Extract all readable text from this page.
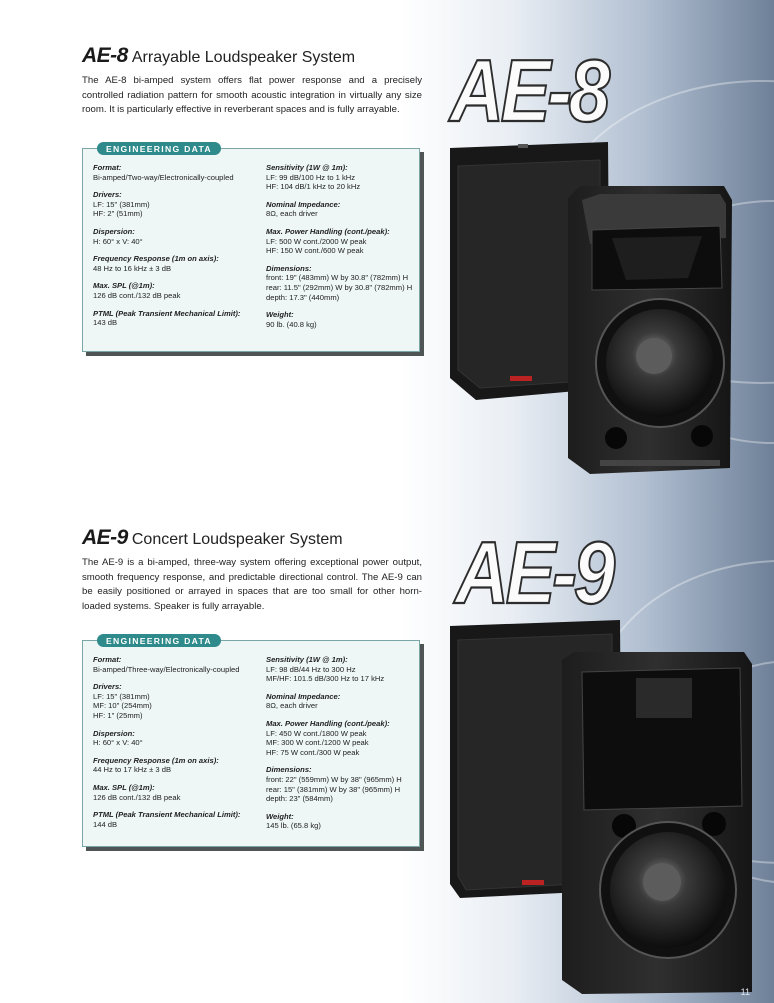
AE-8 Arrayable Loudspeaker System
The AE-8 bi-amped system offers flat power response and a precisely controlled radiation pattern for smooth acoustic integration in virtually any size room. It is particularly effective in reverberant spaces and is fully arrayable. AE-8
ENGINEERING DATA
Format:
Bi-amped/Two-way/Electronically-coupled
Drivers:
LF: 15" (381mm)
HF: 2" (51mm)
Dispersion:
H: 60° x V: 40°
Frequency Response (1m on axis):
48 Hz to 16 kHz ± 3 dB
Max. SPL (@1m):
126 dB cont./132 dB peak
PTML (Peak Transient Mechanical Limit):
143 dB
Sensitivity (1W @ 1m):
LF: 99 dB/100 Hz to 1 kHz
HF: 104 dB/1 kHz to 20 kHz
Nominal Impedance:
8Ω, each driver
Max. Power Handling (cont./peak):
LF: 500 W cont./2000 W peak
HF: 150 W cont./600 W peak
Dimensions:
front: 19" (483mm) W by 30.8" (782mm) H
rear: 11.5" (292mm) W by 30.8" (782mm) H
depth: 17.3" (440mm)
Weight:
90 lb. (40.8 kg)
AE-9 Concert Loudspeaker System
The AE-9 is a bi-amped, three-way system offering exceptional power output, smooth frequency response, and predictable directional control. The AE-9 can be easily positioned or arrayed in spaces that are too small for other horn-loaded systems. Speaker is fully arrayable.	AE-9
ENGINEERING DATA
Format:
Bi-amped/Three-way/Electronically-coupled
Drivers:
LF: 15" (381mm)
MF: 10" (254mm)
HF: 1" (25mm)
Dispersion:
H: 60° x V: 40°
Frequency Response (1m on axis):
44 Hz to 17 kHz ± 3 dB
Max. SPL (@1m):
126 dB cont./132 dB peak
PTML (Peak Transient Mechanical Limit):
144 dB
Sensitivity (1W @ 1m):
LF: 98 dB/44 Hz to 300 Hz
MF/HF: 101.5 dB/300 Hz to 17 kHz
Nominal Impedance:
8Ω, each driver
Max. Power Handling (cont./peak):
LF: 450 W cont./1800 W peak
MF: 300 W cont./1200 W peak
HF: 75 W cont./300 W peak
Dimensions:
front: 22" (559mm) W by 38" (965mm) H
rear: 15" (381mm) W by 38" (965mm) H
depth: 23" (584mm)
Weight:
145 lb. (65.8 kg)
11
